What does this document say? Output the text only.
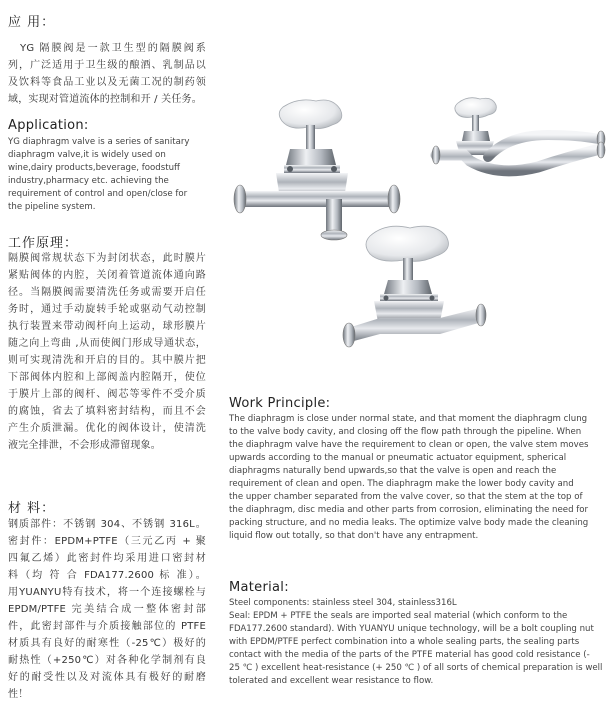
应 用：
　YG 隔膜阀是一款卫生型的隔膜阀系
列，广泛适用于卫生级的酿酒、乳制品以
及饮料等食品工业以及无菌工况的制药领
域，实现对管道流体的控制和开 / 关任务。
Application:
YG diaphragm valve is a series of sanitary
diaphragm valve,it is widely used on
wine,dairy products,beverage, foodstuff
industry,pharmacy etc. achieving the
requirement of control and open/close for
the pipeline system.
工作原理：
隔膜阀常规状态下为封闭状态，此时膜片
紧贴阀体的内腔，关闭着管道流体通向路
径。当隔膜阀需要清洗任务或需要开启任
务时，通过手动旋转手轮或驱动气动控制
执行装置来带动阀杆向上运动，球形膜片
随之向上弯曲 ,从而使阀门形成导通状态，
则可实现清洗和开启的目的。其中膜片把
下部阀体内腔和上部阀盖内腔隔开，使位
于膜片上部的阀杆、阀芯等零件不受介质
的腐蚀，省去了填料密封结构，而且不会
产生介质泄漏。优化的阀体设计，使清洗
液完全排泄，不会形成滞留现象。
材 料：
钢质部件：不锈钢 304、不锈钢 316L。
密封件：EPDM+PTFE（三元乙丙 + 聚
四氟乙烯）此密封件均采用进口密封材
料（均 符 合 FDA177.2600 标 准）。
用YUANYU特有技术，将一个连接螺栓与
EPDM/PTFE 完美结合成一整体密封部
件，此密封部件与介质接触部位的 PTFE
材质具有良好的耐寒性（-25℃）极好的
耐热性（+250℃）对各种化学制剂有良
好的耐受性以及对流体具有极好的耐磨
性！
Work Principle:
The diaphragm is close under normal state, and that moment the diaphragm clung
to the valve body cavity, and closing off the flow path through the pipeline. When
the diaphragm valve have the requirement to clean or open, the valve stem moves
upwards according to the manual or pneumatic actuator equipment, spherical
diaphragms naturally bend upwards,so that the valve is open and reach the
requirement of clean and open. The diaphragm make the lower body cavity and
the upper chamber separated from the valve cover, so that the stem at the top of
the diaphragm, disc media and other parts from corrosion, eliminating the need for
packing structure, and no media leaks. The optimize valve body made the cleaning
liquid flow out totally, so that don't have any entrapment.
Material:
Steel components: stainless steel 304, stainless316L
Seal: EPDM + PTFE the seals are imported seal material (which conform to the
FDA177.2600 standard). With YUANYU unique technology, will be a bolt coupling nut
with EPDM/PTFE perfect combination into a whole sealing parts, the sealing parts
contact with the media of the parts of the PTFE material has good cold resistance (-
25 ℃ ) excellent heat-resistance (+ 250 ℃ ) of all sorts of chemical preparation is well
tolerated and excellent wear resistance to flow.
